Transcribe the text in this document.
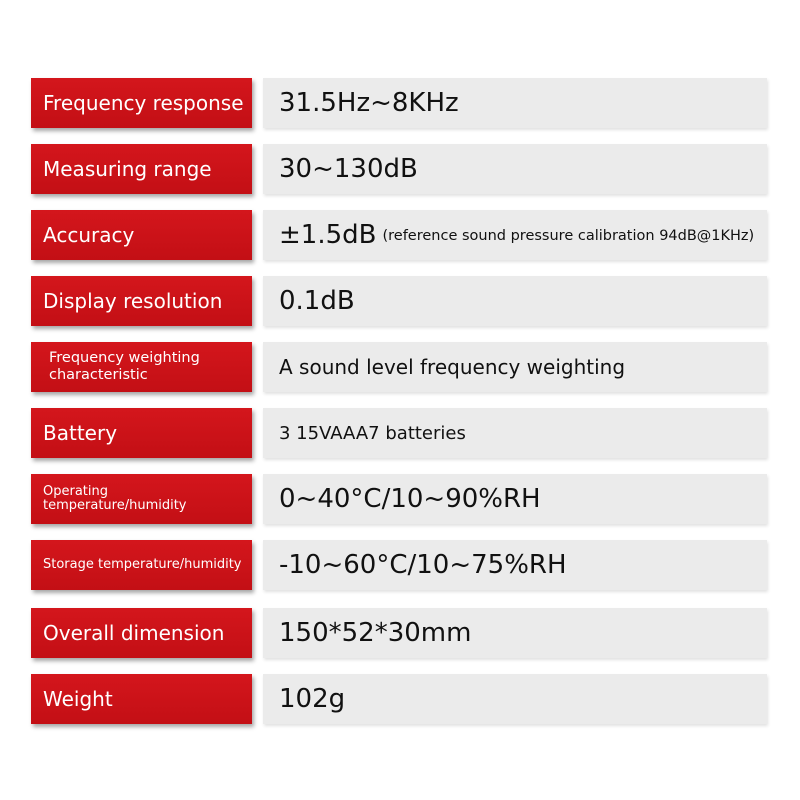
Frequency response 31.5Hz~8KHz
Measuring range	30~130dB
Accuracy	±1.5dB (reference sound pressure calibration 94dB@1KHz)
Display resolution 0.1dB
Frequency weighting characteristic	A sound level frequency weighting
Battery	3 15VAAA7 batteries
Operating temperature/humidity	0~40°C/10~90%RH
Storage temperature/humidity -10~60°C/10~75%RH
Overall dimension 150*52*30mm
Weight	102g
